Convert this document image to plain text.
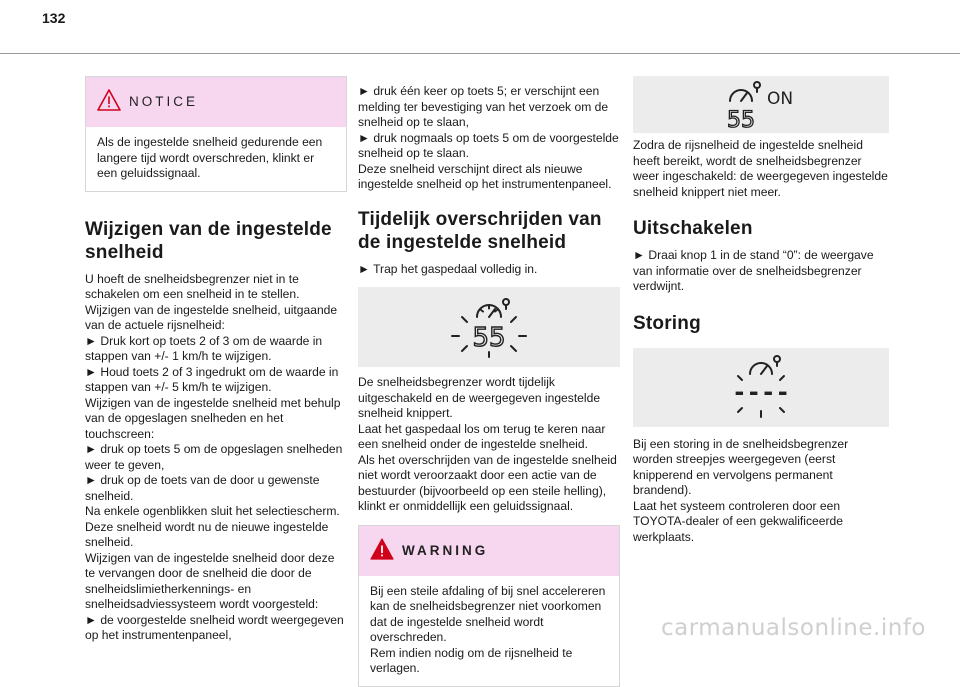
132
NOTICE

Als de ingestelde snelheid gedurende een langere tijd wordt overschreden, klinkt er een geluidssignaal.

Wijzigen van de ingestelde snelheid

U hoeft de snelheidsbegrenzer niet in te schakelen om een snelheid in te stellen.
Wijzigen van de ingestelde snelheid, uitgaande van de actuele rijsnelheid:
► Druk kort op toets 2 of 3 om de waarde in stappen van +/- 1 km/h te wijzigen.
► Houd toets 2 of 3 ingedrukt om de waarde in stappen van +/- 5 km/h te wijzigen.
Wijzigen van de ingestelde snelheid met behulp van de opgeslagen snelheden en het touchscreen:
► druk op toets 5 om de opgeslagen snelheden weer te geven,
► druk op de toets van de door u gewenste snelheid.
Na enkele ogenblikken sluit het selectiescherm. Deze snelheid wordt nu de nieuwe ingestelde snelheid.
Wijzigen van de ingestelde snelheid door deze te vervangen door de snelheid die door de snelheidslimietherkennings- en snelheidsadviessysteem wordt voorgesteld:
► de voorgestelde snelheid wordt weergegeven op het instrumentenpaneel,

► druk één keer op toets 5; er verschijnt een melding ter bevestiging van het verzoek om de snelheid op te slaan,
► druk nogmaals op toets 5 om de voorgestelde snelheid op te slaan.
Deze snelheid verschijnt direct als nieuwe ingestelde snelheid op het instrumentenpaneel.

Tijdelijk overschrijden van de ingestelde snelheid

► Trap het gaspedaal volledig in.

55

De snelheidsbegrenzer wordt tijdelijk uitgeschakeld en de weergegeven ingestelde snelheid knippert.
Laat het gaspedaal los om terug te keren naar een snelheid onder de ingestelde snelheid.
Als het overschrijden van de ingestelde snelheid niet wordt veroorzaakt door een actie van de bestuurder (bijvoorbeeld op een steile helling), klinkt er onmiddellijk een geluidssignaal.

WARNING

Bij een steile afdaling of bij snel accelereren kan de snelheidsbegrenzer niet voorkomen dat de ingestelde snelheid wordt overschreden.
Rem indien nodig om de rijsnelheid te verlagen.

ON
55

Zodra de rijsnelheid de ingestelde snelheid heeft bereikt, wordt de snelheidsbegrenzer weer ingeschakeld: de weergegeven ingestelde snelheid knippert niet meer.

Uitschakelen

► Draai knop 1 in de stand “0”: de weergave van informatie over de snelheidsbegrenzer verdwijnt.

Storing
----

Bij een storing in de snelheidsbegrenzer worden streepjes weergegeven (eerst knipperend en vervolgens permanent brandend).
Laat het systeem controleren door een TOYOTA-dealer of een gekwalificeerde werkplaats.

carmanualsonline.info
